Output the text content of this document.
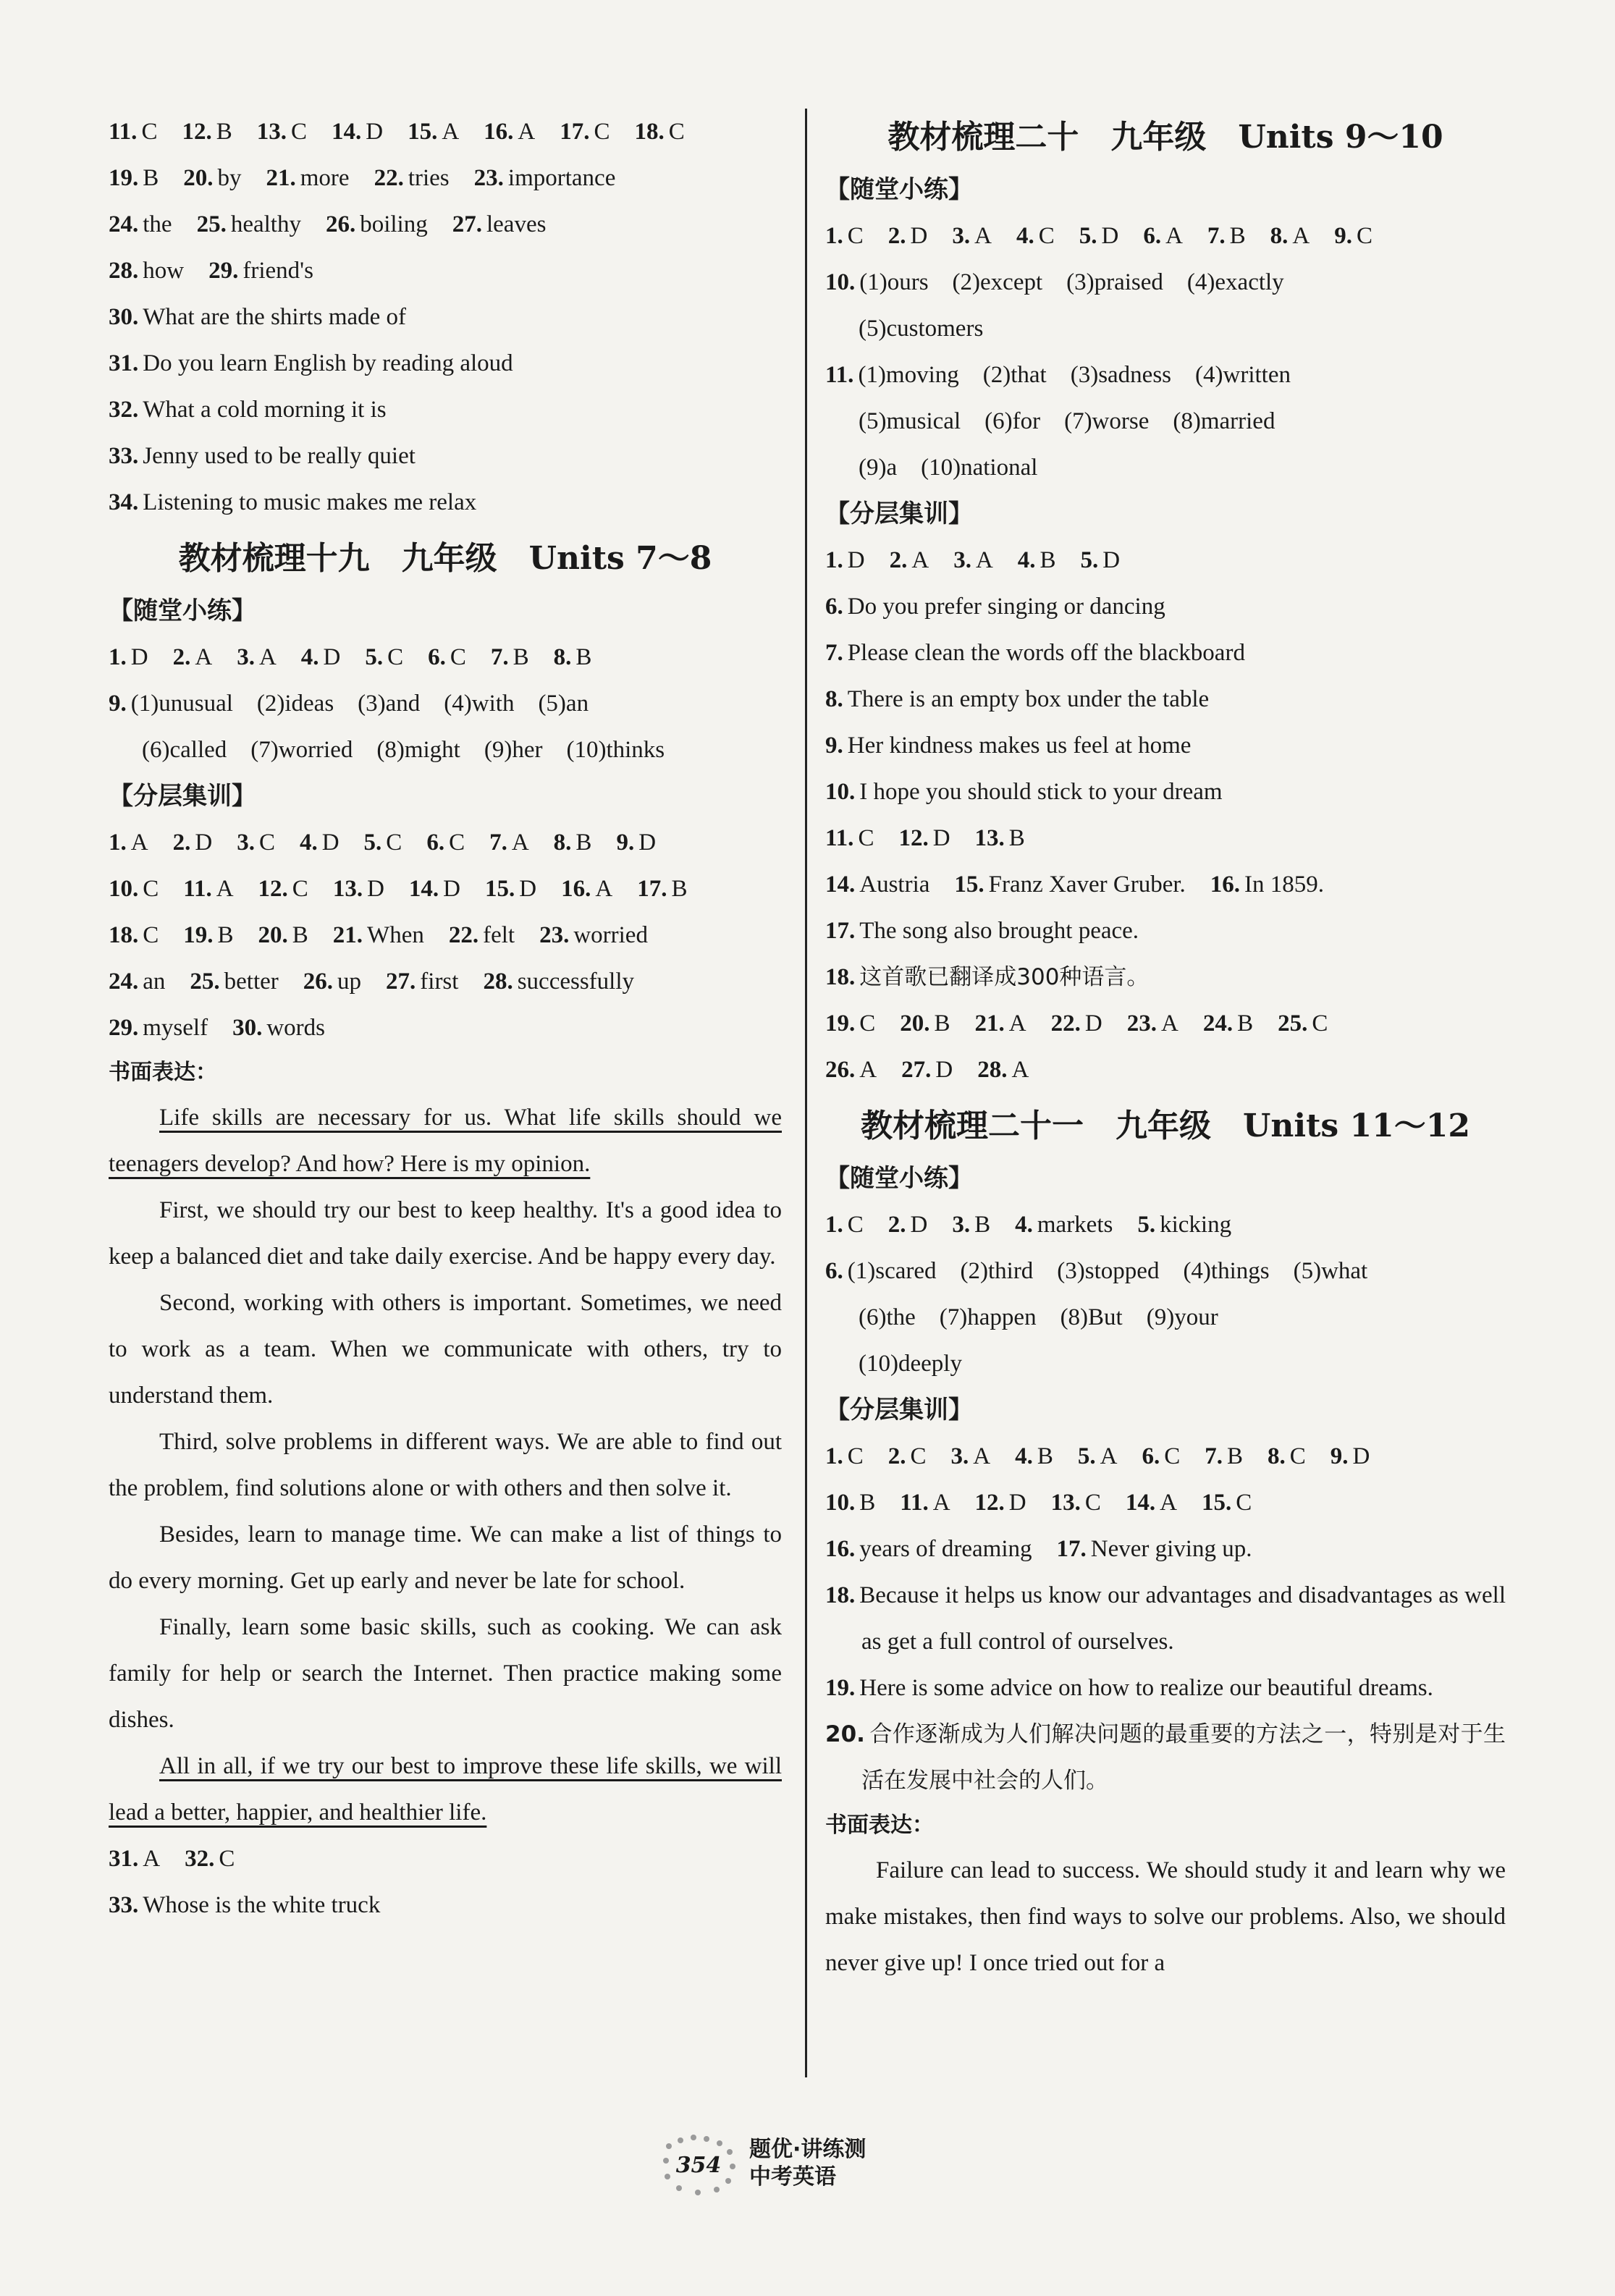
11. C 12. B 13. C 14. D 15. A 16. A 17. C 18. C
19. B 20. by 21. more 22. tries 23. importance
24. the 25. healthy 26. boiling 27. leaves
28. how 29. friend's
30. What are the shirts made of
31. Do you learn English by reading aloud
32. What a cold morning it is
33. Jenny used to be really quiet
34. Listening to music makes me relax
教材梳理十九　九年级　Units 7～8
【随堂小练】
1. D 2. A 3. A 4. D 5. C 6. C 7. B 8. B
9. (1)unusual　(2)ideas　(3)and　(4)with　(5)an
(6)called　(7)worried　(8)might　(9)her　(10)thinks
【分层集训】
1. A 2. D 3. C 4. D 5. C 6. C 7. A 8. B 9. D
10. C 11. A 12. C 13. D 14. D 15. D 16. A 17. B
18. C 19. B 20. B 21. When 22. felt 23. worried
24. an 25. better 26. up 27. first 28. successfully
29. myself 30. words
书面表达：

Life skills are necessary for us. What life skills should we teenagers develop? And how? Here is my opinion.

First, we should try our best to keep healthy. It's a good idea to keep a balanced diet and take daily exercise. And be happy every day.

Second, working with others is important. Sometimes, we need to work as a team. When we communicate with others, try to understand them.

Third, solve problems in different ways. We are able to find out the problem, find solutions alone or with others and then solve it.

Besides, learn to manage time. We can make a list of things to do every morning. Get up early and never be late for school.

Finally, learn some basic skills, such as cooking. We can ask family for help or search the Internet. Then practice making some dishes.

All in all, if we try our best to improve these life skills, we will lead a better, happier, and healthier life.

31. A 32. C
33. Whose is the white truck
教材梳理二十　九年级　Units 9～10
【随堂小练】
1. C 2. D 3. A 4. C 5. D 6. A 7. B 8. A 9. C
10. (1)ours　(2)except　(3)praised　(4)exactly
(5)customers
11. (1)moving　(2)that　(3)sadness　(4)written
(5)musical　(6)for　(7)worse　(8)married
(9)a　(10)national
【分层集训】
1. D 2. A 3. A 4. B 5. D
6. Do you prefer singing or dancing
7. Please clean the words off the blackboard
8. There is an empty box under the table
9. Her kindness makes us feel at home
10. I hope you should stick to your dream
11. C 12. D 13. B
14. Austria 15. Franz Xaver Gruber. 16. In 1859.
17. The song also brought peace.
18. 这首歌已翻译成300种语言。
19. C 20. B 21. A 22. D 23. A 24. B 25. C
26. A 27. D 28. A
教材梳理二十一　九年级　Units 11～12
【随堂小练】
1. C 2. D 3. B 4. markets 5. kicking
6. (1)scared　(2)third　(3)stopped　(4)things　(5)what
(6)the　(7)happen　(8)But　(9)your
(10)deeply
【分层集训】
1. C 2. C 3. A 4. B 5. A 6. C 7. B 8. C 9. D
10. B 11. A 12. D 13. C 14. A 15. C
16. years of dreaming 17. Never giving up.
18. Because it helps us know our advantages and disadvantages as well as get a full control of ourselves.
19. Here is some advice on how to realize our beautiful dreams.
20. 合作逐渐成为人们解决问题的最重要的方法之一，特别是对于生活在发展中社会的人们。
书面表达：

Failure can lead to success. We should study it and learn why we make mistakes, then find ways to solve our problems. Also, we should never give up! I once tried out for a

354
题优·讲练测
中考英语
